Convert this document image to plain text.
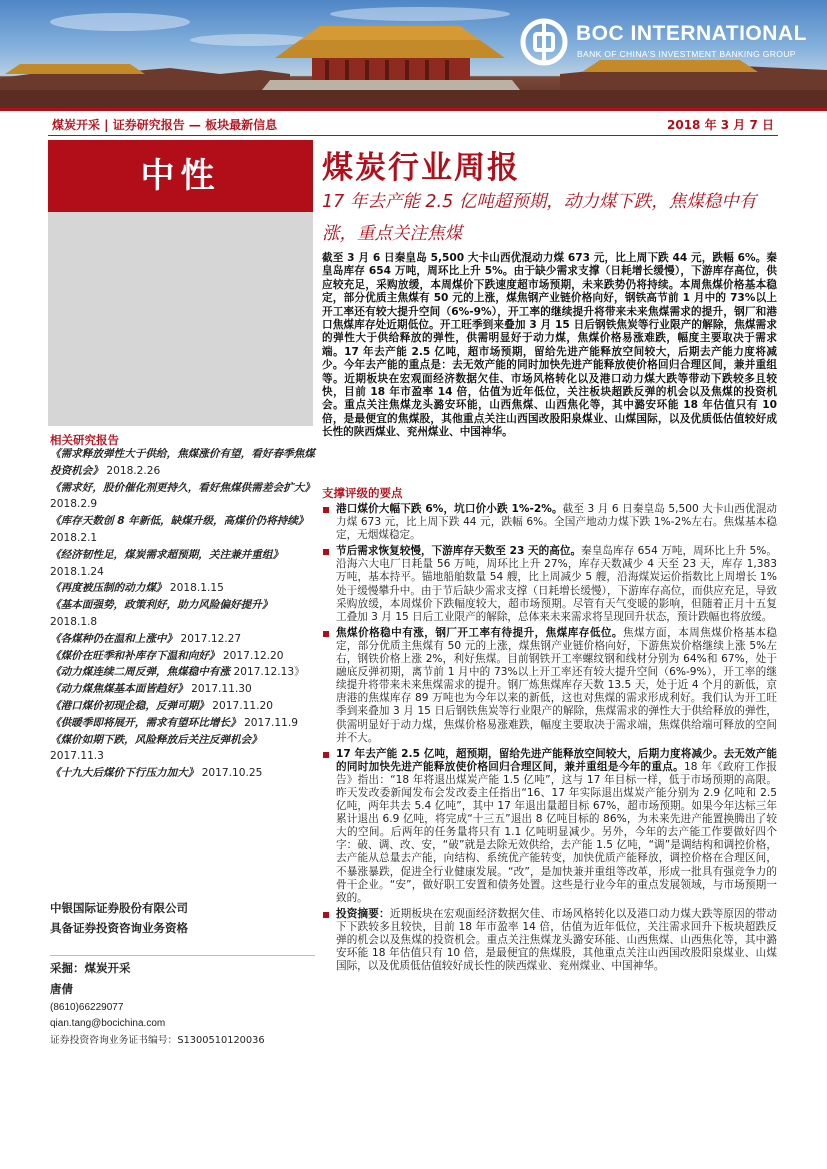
BOC INTERNATIONAL
BANK OF CHINA'S INVESTMENT BANKING GROUP
煤炭开采 | 证券研究报告 — 板块最新信息	2018 年 3 月 7 日
中性	煤炭行业周报
17 年去产能 2.5 亿吨超预期，动力煤下跌，焦煤稳中有涨，重点关注焦煤
截至 3 月 6 日秦皇岛 5,500 大卡山西优混动力煤 673 元，比上周下跌 44 元，跌幅 6%。秦皇岛库存 654 万吨，周环比上升 5%。由于缺少需求支撑（日耗增长缓慢），下游库存高位，供应较充足，采购放缓，本周煤价下跌速度超市场预期，未来跌势仍将持续。本周焦煤价格基本稳定，部分优质主焦煤有 50 元的上涨，煤焦钢产业链价格向好，钢铁高节前 1 月中的 73%以上开工率还有较大提升空间（6%-9%），开工率的继续提升将带来未来焦煤需求的提升，钢厂和港口焦煤库存处近期低位。开工旺季到来叠加 3 月 15 日后钢铁焦炭等行业限产的解除，焦煤需求的弹性大于供给释放的弹性，供需明显好于动力煤，焦煤价格易涨难跌，幅度主要取决于需求端。17 年去产能 2.5 亿吨，超市场预期，留给先进产能释放空间较大，后期去产能力度将减少。今年去产能的重点是：去无效产能的同时加快先进产能释放使价格回归合理区间，兼并重组等。近期板块在宏观面经济数据欠佳、市场风格转化以及港口动力煤大跌等带动下跌较多且较快，目前 18 年市盈率 14 倍，估值为近年低位，关注板块超跌反弹的机会以及焦煤的投资机会。重点关注焦煤龙头潞安环能，山西焦煤、山西焦化等，其中潞安环能 18 年估值只有 10 倍，是最便宜的焦煤股，其他重点关注山西国改股阳泉煤业、山煤国际，以及优质低估值较好成长性的陕西煤业、兖州煤业、中国神华。
支撑评级的要点
港口煤价大幅下跌 6%，坑口价小跌 1%-2%。截至 3 月 6 日秦皇岛 5,500 大卡山西优混动力煤 673 元，比上周下跌 44 元，跌幅 6%。全国产地动力煤下跌 1%-2%左右。焦煤基本稳定，无烟煤稳定。
节后需求恢复较慢，下游库存天数至 23 天的高位。秦皇岛库存 654 万吨，周环比上升 5%。沿海六大电厂日耗量 56 万吨，周环比上升 27%，库存天数减少 4 天至 23 天，库存 1,383 万吨，基本持平。锚地船舶数量 54 艘，比上周减少 5 艘，沿海煤炭运价指数比上周增长 1%处于缓慢攀升中。由于节后缺少需求支撑（日耗增长缓慢），下游库存高位，而供应充足，导致采购放缓，本周煤价下跌幅度较大，超市场预期。尽管有天气变暖的影响，但随着正月十五复工叠加 3 月 15 日后工业限产的解除，总体来未来需求将呈现回升状态，预计跌幅也将放缓。
焦煤价格稳中有涨，钢厂开工率有待提升，焦煤库存低位。焦煤方面，本周焦煤价格基本稳定，部分优质主焦煤有 50 元的上涨，煤焦钢产业链价格向好，下游焦炭价格继续上涨 5%左右，钢铁价格上涨 2%，利好焦煤。目前钢铁开工率螺纹钢和线材分别为 64%和 67%，处于融底反弹初期，离节前 1 月中的 73%以上开工率还有较大提升空间（6%-9%），开工率的继续提升将带来未来焦煤需求的提升。钢厂炼焦煤库存天数 13.5 天，处于近 4 个月的新低，京唐港的焦煤库存 89 万吨也为今年以来的新低，这也对焦煤的需求形成利好。我们认为开工旺季到来叠加 3 月 15 日后钢铁焦炭等行业限产的解除，焦煤需求的弹性大于供给释放的弹性，供需明显好于动力煤，焦煤价格易涨难跌，幅度主要取决于需求端，焦煤供给端可释放的空间并不大。
17 年去产能 2.5 亿吨，超预期，留给先进产能释放空间较大，后期力度将减少。去无效产能的同时加快先进产能释放使价格回归合理区间，兼并重组是今年的重点。18 年《政府工作报告》指出：“18 年将退出煤炭产能 1.5 亿吨”，这与 17 年目标一样，低于市场预期的高限。昨天发改委新闻发布会发改委主任指出“16、17 年实际退出煤炭产能分别为 2.9 亿吨和 2.5 亿吨，两年共去 5.4 亿吨”，其中 17 年退出量超目标 67%，超市场预期。如果今年达标三年累计退出 6.9 亿吨，将完成“十三五”退出 8 亿吨目标的 86%，为未来先进产能置换腾出了较大的空间。后两年的任务量将只有 1.1 亿吨明显减少。另外，今年的去产能工作要做好四个字：破、调、改、安，“破”就是去除无效供给，去产能 1.5 亿吨，“调”是调结构和调控价格，去产能从总量去产能，向结构、系统优产能转变，加快优质产能释放，调控价格在合理区间，不暴涨暴跌，促进全行业健康发展。“改”，是加快兼并重组等改革，形成一批具有强竞争力的骨干企业。“安”，做好职工安置和债务处置。这些是行业今年的重点发展领域，与市场预期一致的。
投资摘要：近期板块在宏观面经济数据欠佳、市场风格转化以及港口动力煤大跌等原因的带动下下跌较多且较快，目前 18 年市盈率 14 倍，估值为近年低位，关注需求回升下板块超跌反弹的机会以及焦煤的投资机会。重点关注焦煤龙头潞安环能、山西焦煤、山西焦化等，其中潞安环能 18 年估值只有 10 倍，是最便宜的焦煤股，其他重点关注山西国改股阳泉煤业、山煤国际，以及优质低估值较好成长性的陕西煤业、兖州煤业、中国神华。
相关研究报告
《需求释放弹性大于供给，焦煤涨价有望，看好春季焦煤投资机会》 2018.2.26
《需求好，股价催化剂更持久，看好焦煤供需差会扩大》 2018.2.9
《库存天数创 8 年新低，缺煤升级，高煤价仍将持续》 2018.2.1
《经济韧性足，煤炭需求超预期，关注兼并重组》 2018.1.24
《再度被压制的动力煤》 2018.1.15
《基本面强势，政策利好，助力风险偏好提升》 2018.1.8
《各煤种仍在温和上涨中》 2017.12.27
《煤价在旺季和补库存下温和向好》 2017.12.20
《动力煤连续二周反弹，焦煤稳中有涨 2017.12.13》
《动力煤焦煤基本面皆趋好》 2017.11.30
《港口煤价初现企稳，反弹可期》 2017.11.20
《供暖季即将展开，需求有望环比增长》 2017.11.9
《煤价如期下跌，风险释放后关注反弹机会》 2017.11.3
《十九大后煤价下行压力加大》 2017.10.25
中银国际证券股份有限公司
具备证券投资咨询业务资格
采掘：煤炭开采
唐倩
(8610)66229077
qian.tang@bocichina.com
证券投资咨询业务证书编号：S1300510120036
